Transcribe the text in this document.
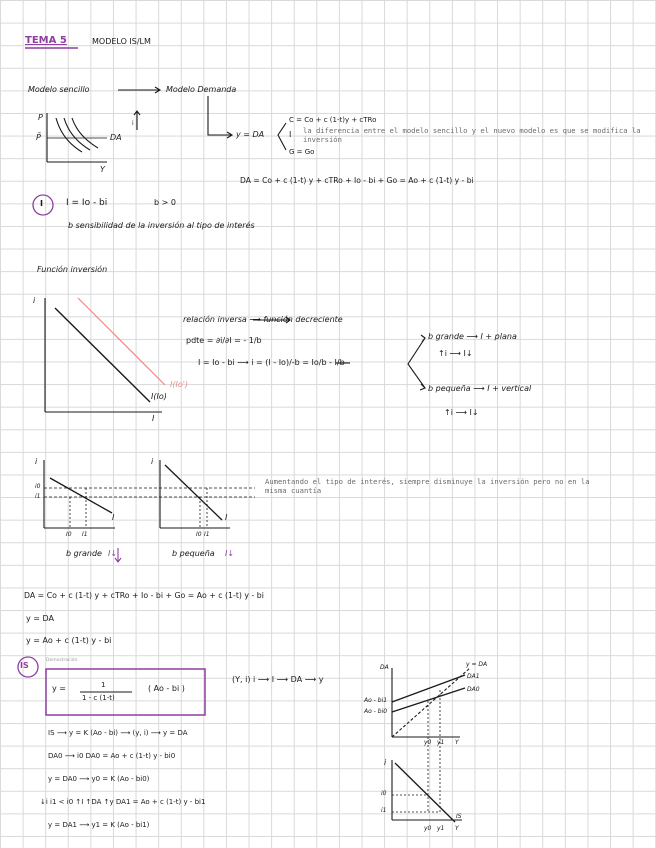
TEMA 5	MODELO IS/LM
Modelo sencillo	Modelo Demanda
i
P
P̄	DA
Y
y = DA
C = Co + c (1-t)y + cTRo
I
G = Go
la diferencia entre el modelo sencillo y el nuevo modelo es que se modifica la inversión
DA = Co + c (1-t) y + cTRo + Io - bi + Go = Ao + c (1-t) y - bi
I	I = Io - bi	b > 0
b sensibilidad de la inversión al tipo de interés
Función inversión
i
I
I(Io')
I(Io)
relación inversa ⟶ función decreciente
pdte = ∂i/∂I = - 1/b
I = Io - bi ⟶ i = (I - Io)/-b = Io/b - I/b
b grande ⟶ I + plana
↑i ⟶ I↓
b pequeña ⟶ I + vertical
↑i ⟶ I↓
i
i0
i1
I
I0 I1
b grande I↓
i
I
I0 I1
b pequeña I↓
Aumentando el tipo de interés, siempre disminuye la inversión pero no en la misma cuantía
DA = Co + c (1-t) y + cTRo + Io - bi + Go = Ao + c (1-t) y - bi
y = DA
y = Ao + c (1-t) y - bi
IS
Demostración
y =	1
1 - c (1-t)
( Ao - bi )
(Y, i) i ⟶ I ⟶ DA ⟶ y
IS ⟶ y = K (Ao - bi) ⟶ (y, i) ⟶ y = DA
DA0 ⟶ i0 DA0 = Ao + c (1-t) y - bi0
y = DA0 ⟶ y0 = K (Ao - bi0)
↓i i1 < i0 ↑I ↑DA ↑y DA1 = Ao + c (1-t) y - bi1
y = DA1 ⟶ y1 = K (Ao - bi1)
DA	y = DA
DA1
DA0
Ao - bi1
Ao - bi0
y0 y1 Y
i
i0
i1
y0 y1 Y
IS
